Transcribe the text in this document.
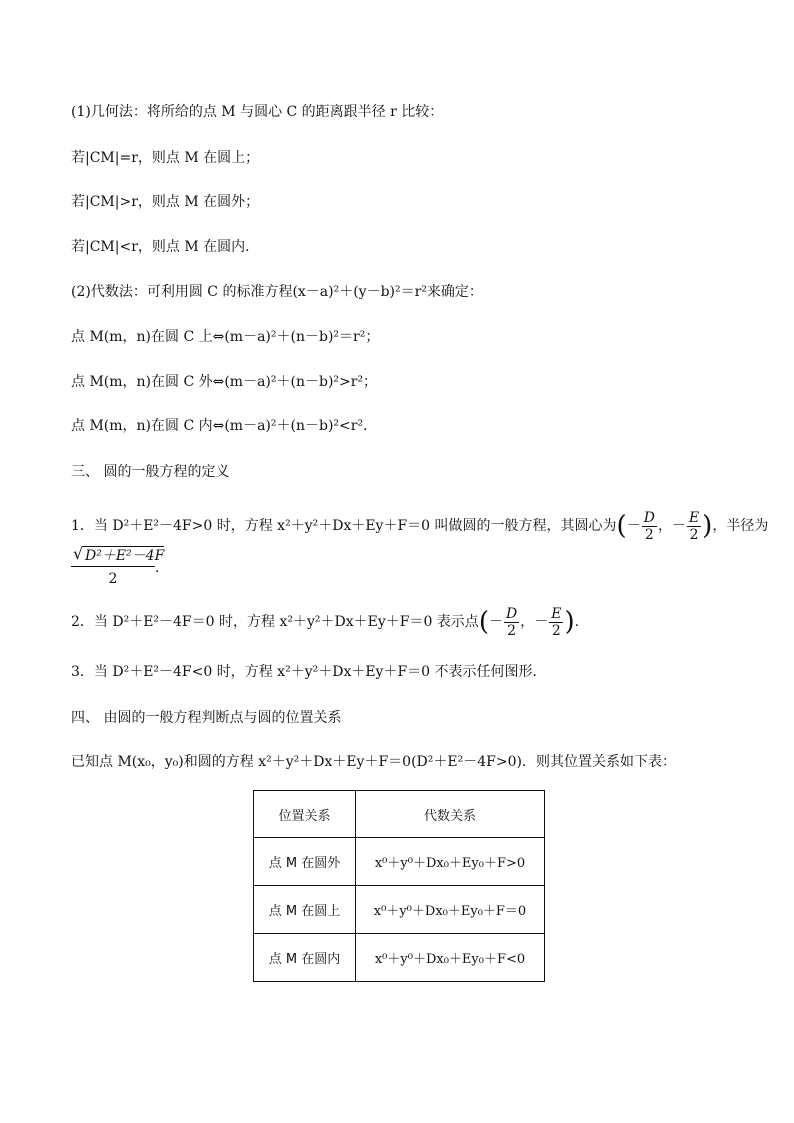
(1)几何法：将所给的点 M 与圆心 C 的距离跟半径 r 比较：
若|CM|=r，则点 M 在圆上；
若|CM|>r，则点 M 在圆外；
若|CM|<r，则点 M 在圆内．
(2)代数法：可利用圆 C 的标准方程(x－a)²＋(y－b)²＝r²来确定：
点 M(m，n)在圆 C 上⇔(m－a)²＋(n－b)²＝r²；
点 M(m，n)在圆 C 外⇔(m－a)²＋(n－b)²>r²；
点 M(m，n)在圆 C 内⇔(m－a)²＋(n－b)²<r².
三、 圆的一般方程的定义
1．当 D²＋E²－4F>0 时，方程 x²＋y²＋Dx＋Ey＋F＝0 叫做圆的一般方程，其圆心为(－ $\frac{D}{2}$ ，－ $\frac{E}{2}$ )，半径为
$\frac{\text{√ D²＋E²－4F}}{2}$ .
2．当 D²＋E²－4F＝0 时，方程 x²＋y²＋Dx＋Ey＋F＝0 表示点(－ $\frac{D}{2}$ ，－ $\frac{E}{2}$ ).
3．当 D²＋E²－4F<0 时，方程 x²＋y²＋Dx＋Ey＋F＝0 不表示任何图形．
四、 由圆的一般方程判断点与圆的位置关系
已知点 M(x₀，y₀)和圆的方程 x²＋y²＋Dx＋Ey＋F＝0(D²＋E²－4F>0)．则其位置关系如下表：
位置关系	代数关系
点 M 在圆外	x⁰＋y⁰＋Dx₀＋Ey₀＋F>0
点 M 在圆上	x⁰＋y⁰＋Dx₀＋Ey₀＋F＝0
点 M 在圆内	x⁰＋y⁰＋Dx₀＋Ey₀＋F<0
